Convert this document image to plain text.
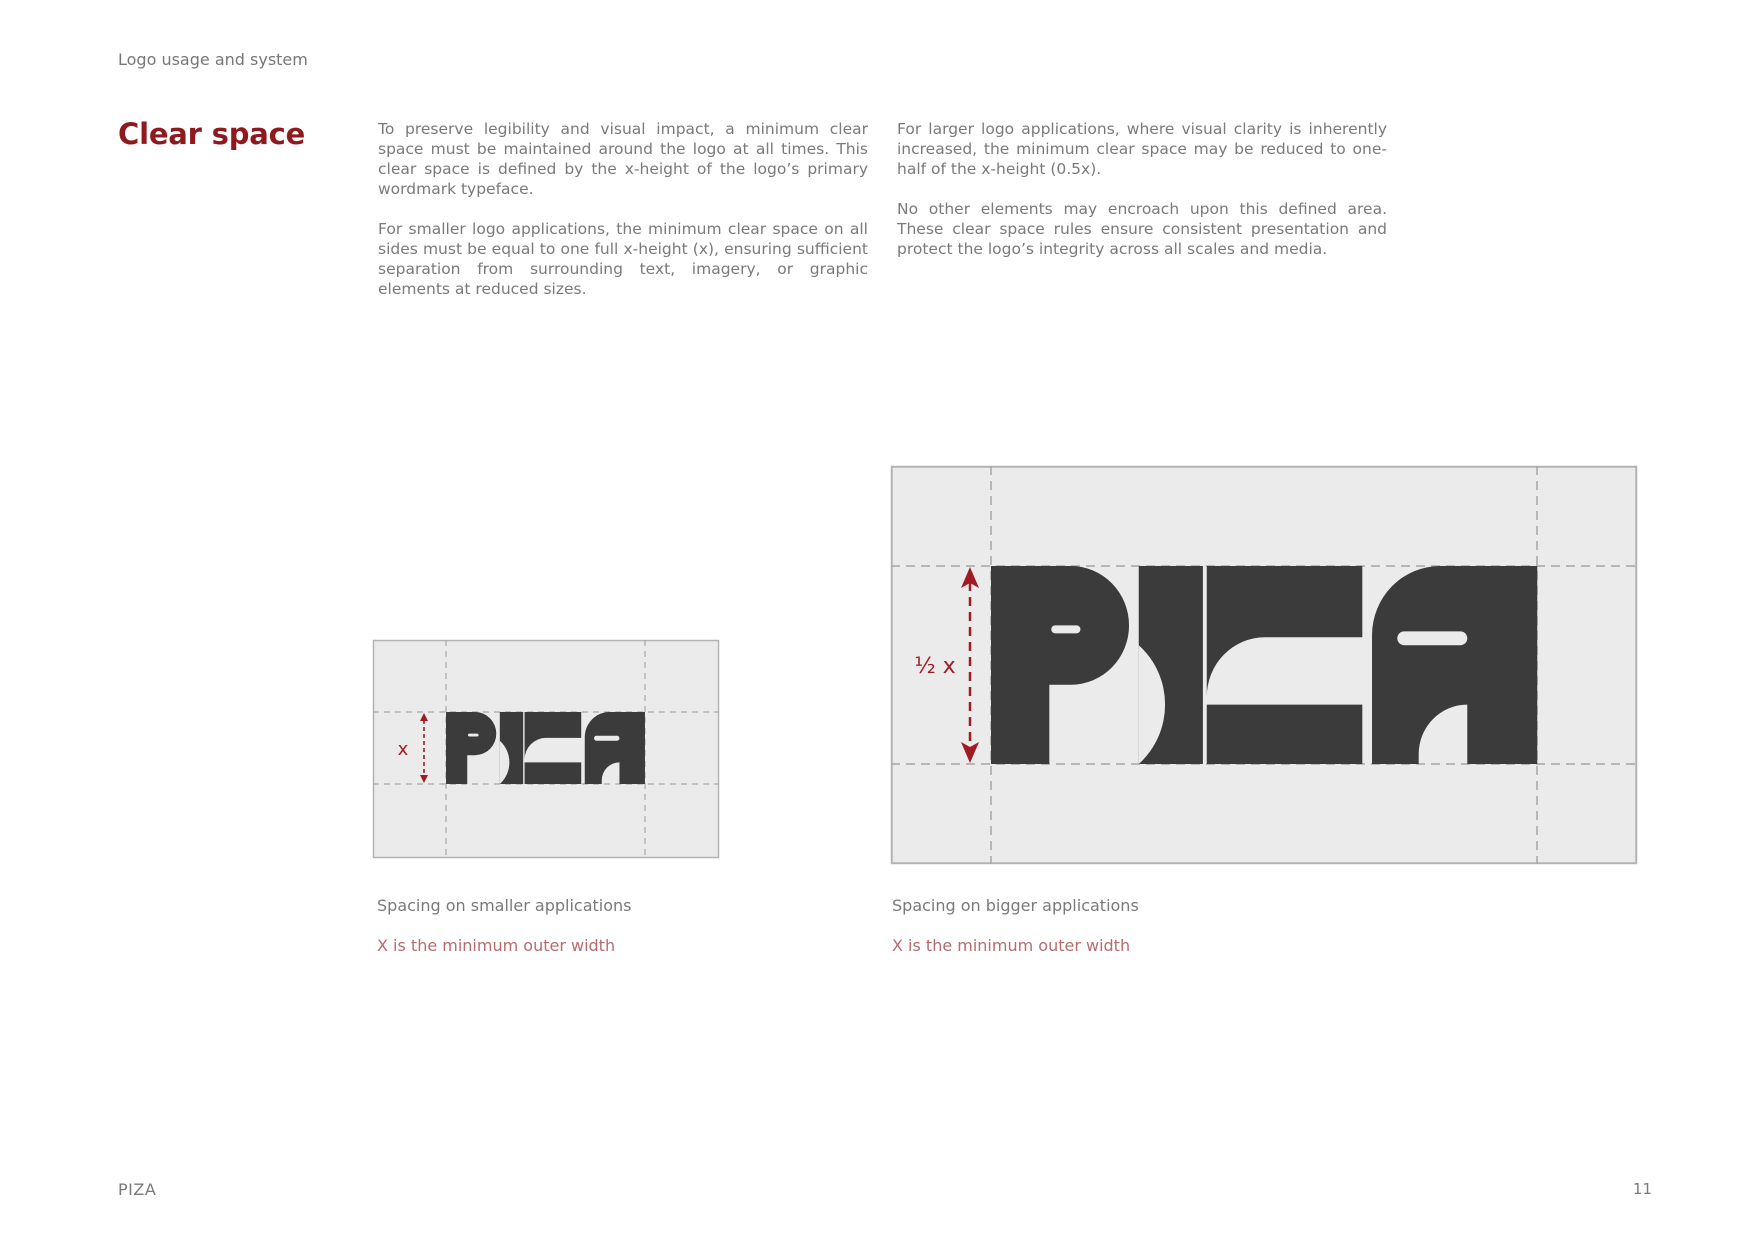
Logo usage and system
Clear space	To preserve legibility and visual impact, a minimum clear space must be maintained around the logo at all times. This clear space is defined by the x-height of the logo’s primary wordmark typeface.

For smaller logo applications, the minimum clear space on all sides must be equal to one full x-height (x), ensuring sufficient separation from surrounding text, imagery, or graphic elements at reduced sizes.

For larger logo applications, where visual clarity is inherently increased, the minimum clear space may be reduced to one-half of the x-height (0.5x).

No other elements may encroach upon this defined area. These clear space rules ensure consistent presentation and protect the logo’s integrity across all scales and media.

x
½ x
Spacing on smaller applications
X is the minimum outer width
Spacing on bigger applications
X is the minimum outer width
PIZA	11
